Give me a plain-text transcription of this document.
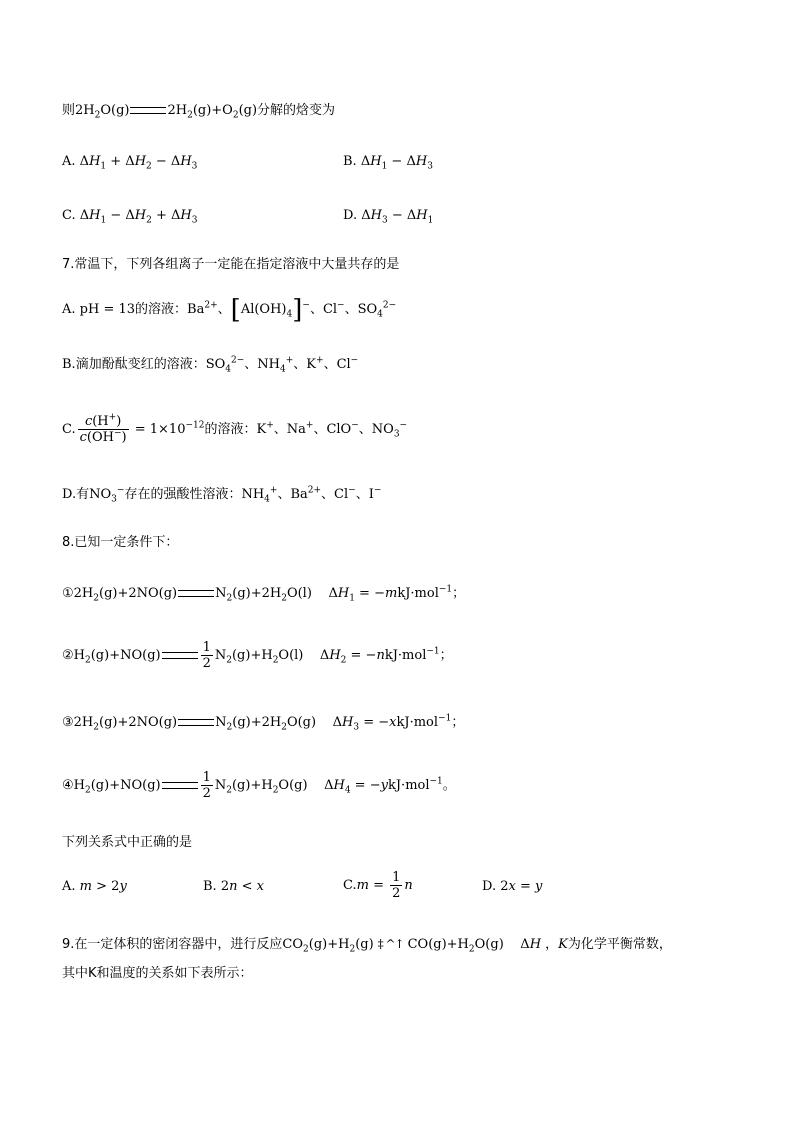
则$2H_2O(g)$	$2H_2(g)+O_2(g)$分解的焓变为
A. $\Delta H_1 + \Delta H_2 - \Delta H_3$	B. $\Delta H_1 - \Delta H_3$
C. $\Delta H_1 - \Delta H_2 + \Delta H_3$	D. $\Delta H_3 - \Delta H_1$
7.常温下，下列各组离子一定能在指定溶液中大量共存的是
A. pH = 13的溶液：$Ba^{2+}$、$[Al(OH)_4]^-$、Cl−、$SO_4^{2-}$
B.滴加酚酞变红的溶液：$SO_4^{2-}$、$NH_4^+$、K+、Cl−
C. $\frac{c(H^+)}{c(OH^-)} = 1\times 10^{-12}$的溶液：K+、Na+、ClO−、$NO_3^-$
D.有$NO_3^-$存在的强酸性溶液：$NH_4^+$、$Ba^{2+}$、Cl−、I−
8.已知一定条件下：
$①2H_2(g)+2NO(g)$	$N_2(g)+2H_2O(l)$    $\Delta H_1 = -mkJ\cdot mol^{-1}$；
$②H_2(g)+NO(g)$	$\frac{1}{2} N_2(g)+H_2O(l)$    $\Delta H_2 = -nkJ\cdot mol^{-1}$；
$③2H_2(g)+2NO(g)$	$N_2(g)+2H_2O(g)$    $\Delta H_3 = -xkJ\cdot mol^{-1}$；
$④H_2(g)+NO(g)$	$\frac{1}{2} N_2(g)+H_2O(g)$    $\Delta H_4 = -ykJ\cdot mol^{-1}$。
下列关系式中正确的是
A. m > 2y	B. 2n < x	$C.m = \frac{1}{2}$ n	D. 2x = y
9.在一定体积的密闭容器中，进行反应$CO_2(g)+H_2(g)$ ‡ ^↑ $CO(g)+H_2O(g)$    ΔH ，K为化学平衡常数，
其中K和温度的关系如下表所示：
